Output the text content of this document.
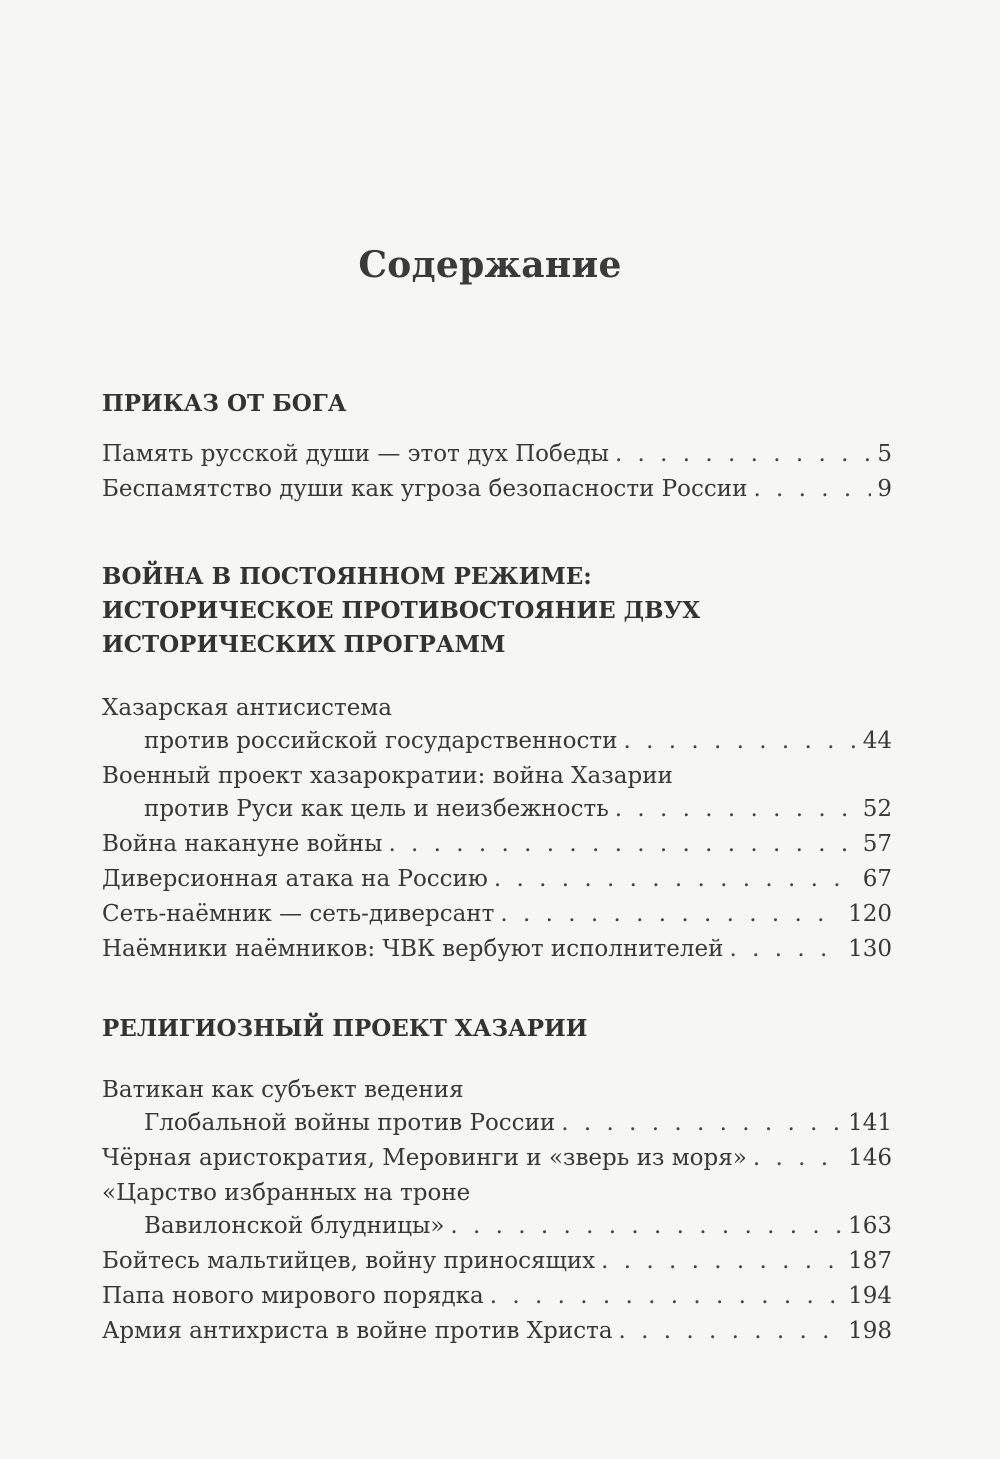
Содержание
ПРИКАЗ ОТ БОГА
Память русской души — этот дух Победы . . .	5
Беспамятство души как угроза безопасности России . . .	9
ВОЙНА В ПОСТОЯННОМ РЕЖИМЕ:
ИСТОРИЧЕСКОЕ ПРОТИВОСТОЯНИЕ ДВУХ
ИСТОРИЧЕСКИХ ПРОГРАММ
Хазарская антисистема
против российской государственности . . .	44
Военный проект хазарократии: война Хазарии
против Руси как цель и неизбежность . . .	52
Война накануне войны . . .	57
Диверсионная атака на Россию . . .	67
Сеть-наёмник — сеть-диверсант . . .	120
Наёмники наёмников: ЧВК вербуют исполнителей . . .	130
РЕЛИГИОЗНЫЙ ПРОЕКТ ХАЗАРИИ
Ватикан как субъект ведения
Глобальной войны против России . . .	141
Чёрная аристократия, Меровинги и «зверь из моря» . . .	146
«Царство избранных на троне
Вавилонской блудницы» . . .	163
Бойтесь мальтийцев, войну приносящих . . .	187
Папа нового мирового порядка . . .	194
Армия антихриста в войне против Христа . . .	198
